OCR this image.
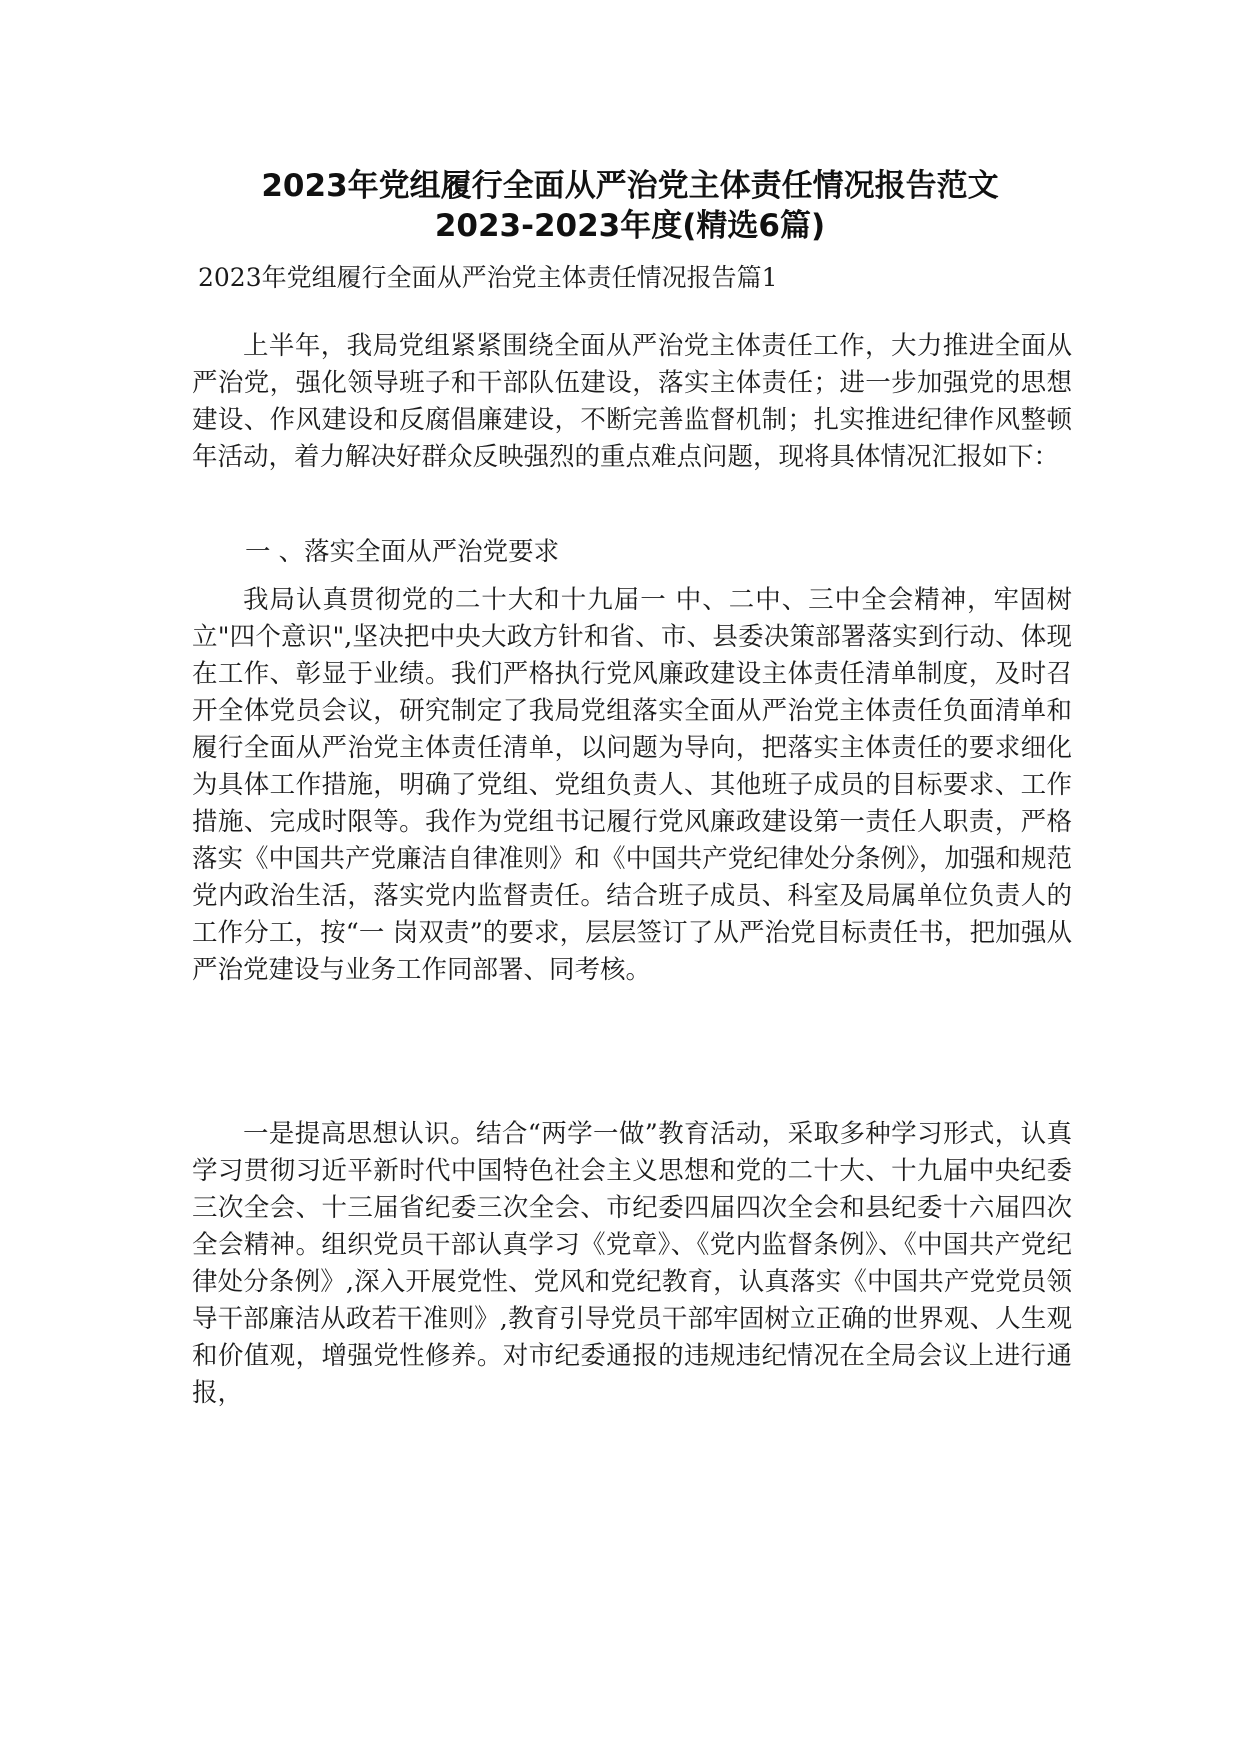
2023年党组履行全面从严治党主体责任情况报告范文
2023-2023年度(精选6篇)
2023年党组履行全面从严治党主体责任情况报告篇1

上半年，我局党组紧紧围绕全面从严治党主体责任工作，大力推进全面从严治党，强化领导班子和干部队伍建设，落实主体责任；进一步加强党的思想建设、作风建设和反腐倡廉建设，不断完善监督机制；扎实推进纪律作风整顿年活动，着力解决好群众反映强烈的重点难点问题，现将具体情况汇报如下：

一 、落实全面从严治党要求

我局认真贯彻党的二十大和十九届一 中、二中、三中全会精神，牢固树立"四个意识",坚决把中央大政方针和省、市、县委决策部署落实到行动、体现在工作、彰显于业绩。我们严格执行党风廉政建设主体责任清单制度，及时召开全体党员会议，研究制定了我局党组落实全面从严治党主体责任负面清单和履行全面从严治党主体责任清单，以问题为导向，把落实主体责任的要求细化为具体工作措施，明确了党组、党组负责人、其他班子成员的目标要求、工作措施、完成时限等。我作为党组书记履行党风廉政建设第一责任人职责，严格落实《中国共产党廉洁自律准则》和《中国共产党纪律处分条例》，加强和规范党内政治生活，落实党内监督责任。结合班子成员、科室及局属单位负责人的工作分工，按“一 岗双责”的要求，层层签订了从严治党目标责任书，把加强从严治党建设与业务工作同部署、同考核。

一是提高思想认识。结合“两学一做”教育活动，采取多种学习形式，认真学习贯彻习近平新时代中国特色社会主义思想和党的二十大、十九届中央纪委三次全会、十三届省纪委三次全会、市纪委四届四次全会和县纪委十六届四次全会精神。组织党员干部认真学习《党章》、《党内监督条例》、《中国共产党纪律处分条例》,深入开展党性、党风和党纪教育，认真落实《中国共产党党员领导干部廉洁从政若干准则》,教育引导党员干部牢固树立正确的世界观、人生观和价值观，增强党性修养。对市纪委通报的违规违纪情况在全局会议上进行通报，
